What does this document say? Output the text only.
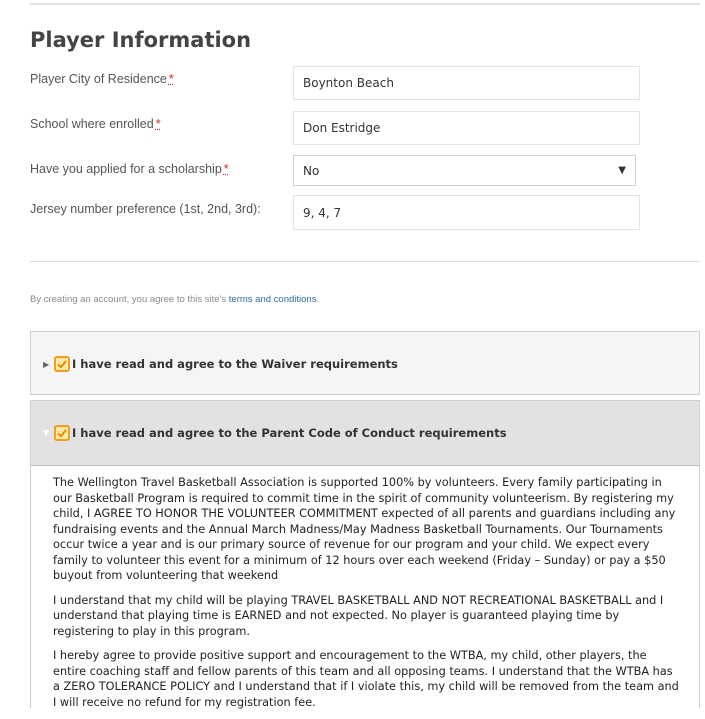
Player Information
Player City of Residence *	Boynton Beach
School where enrolled *	Don Estridge
Have you applied for a scholarship *	No	▼
Jersey number preference (1st, 2nd, 3rd):	9, 4, 7
By creating an account, you agree to this site's terms and conditions.
▶ I have read and agree to the Waiver requirements
▼ I have read and agree to the Parent Code of Conduct requirements

The Wellington Travel Basketball Association is supported 100% by volunteers. Every family participating in our Basketball Program is required to commit time in the spirit of community volunteerism. By registering my child, I AGREE TO HONOR THE VOLUNTEER COMMITMENT expected of all parents and guardians including any fundraising events and the Annual March Madness/May Madness Basketball Tournaments. Our Tournaments occur twice a year and is our primary source of revenue for our program and your child. We expect every family to volunteer this event for a minimum of 12 hours over each weekend (Friday – Sunday) or pay a $50 buyout from volunteering that weekend

I understand that my child will be playing TRAVEL BASKETBALL AND NOT RECREATIONAL BASKETBALL and I understand that playing time is EARNED and not expected. No player is guaranteed playing time by registering to play in this program.

I hereby agree to provide positive support and encouragement to the WTBA, my child, other players, the entire coaching staff and fellow parents of this team and all opposing teams. I understand that the WTBA has a ZERO TOLERANCE POLICY and I understand that if I violate this, my child will be removed from the team and I will receive no refund for my registration fee.
